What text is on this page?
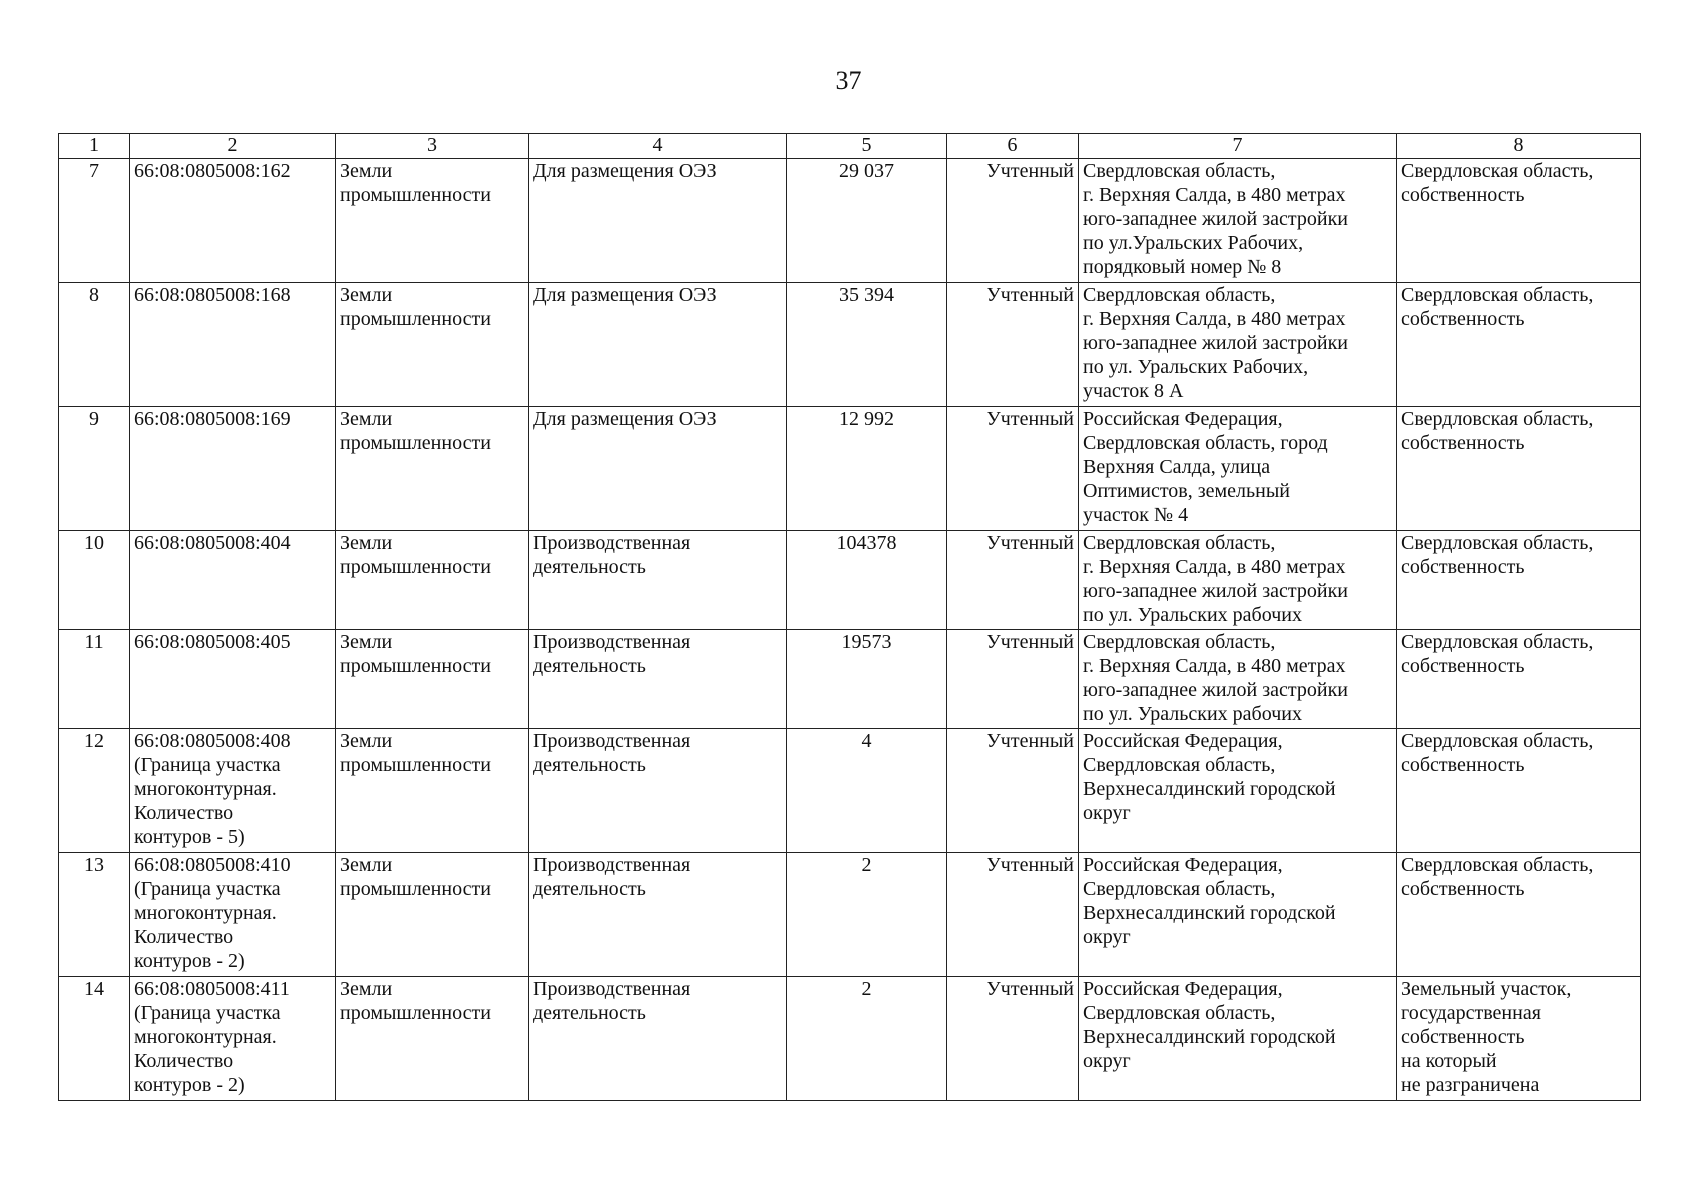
37
1	2	3	4	5	6	7	8
7	66:08:0805008:162	Земли
промышленности	Для размещения ОЭЗ	29 037	Учтенный	Свердловская область,
г. Верхняя Салда, в 480 метрах
юго-западнее жилой застройки
по ул.Уральских Рабочих,
порядковый номер № 8	Свердловская область,
собственность

8	66:08:0805008:168	Земли
промышленности	Для размещения ОЭЗ	35 394	Учтенный	Свердловская область,
г. Верхняя Салда, в 480 метрах
юго-западнее жилой застройки
по ул. Уральских Рабочих,
участок 8 А	Свердловская область,
собственность

9	66:08:0805008:169	Земли
промышленности	Для размещения ОЭЗ	12 992	Учтенный	Российская Федерация,
Свердловская область, город
Верхняя Салда, улица
Оптимистов, земельный
участок № 4	Свердловская область,
собственность

10	66:08:0805008:404	Земли
промышленности	Производственная
деятельность	104378	Учтенный	Свердловская область,
г. Верхняя Салда, в 480 метрах
юго-западнее жилой застройки
по ул. Уральских рабочих	Свердловская область,
собственность

11	66:08:0805008:405	Земли
промышленности	Производственная
деятельность	19573	Учтенный	Свердловская область,
г. Верхняя Салда, в 480 метрах
юго-западнее жилой застройки
по ул. Уральских рабочих	Свердловская область,
собственность

12	66:08:0805008:408
(Граница участка
многоконтурная.
Количество
контуров - 5)	Земли
промышленности	Производственная
деятельность	4	Учтенный	Российская Федерация,
Свердловская область,
Верхнесалдинский городской
округ	Свердловская область,
собственность

13	66:08:0805008:410
(Граница участка
многоконтурная.
Количество
контуров - 2)	Земли
промышленности	Производственная
деятельность	2	Учтенный	Российская Федерация,
Свердловская область,
Верхнесалдинский городской
округ	Свердловская область,
собственность

14	66:08:0805008:411
(Граница участка
многоконтурная.
Количество
контуров - 2)	Земли
промышленности	Производственная
деятельность	2	Учтенный	Российская Федерация,
Свердловская область,
Верхнесалдинский городской
округ	Земельный участок,
государственная
собственность
на который
не разграничена
